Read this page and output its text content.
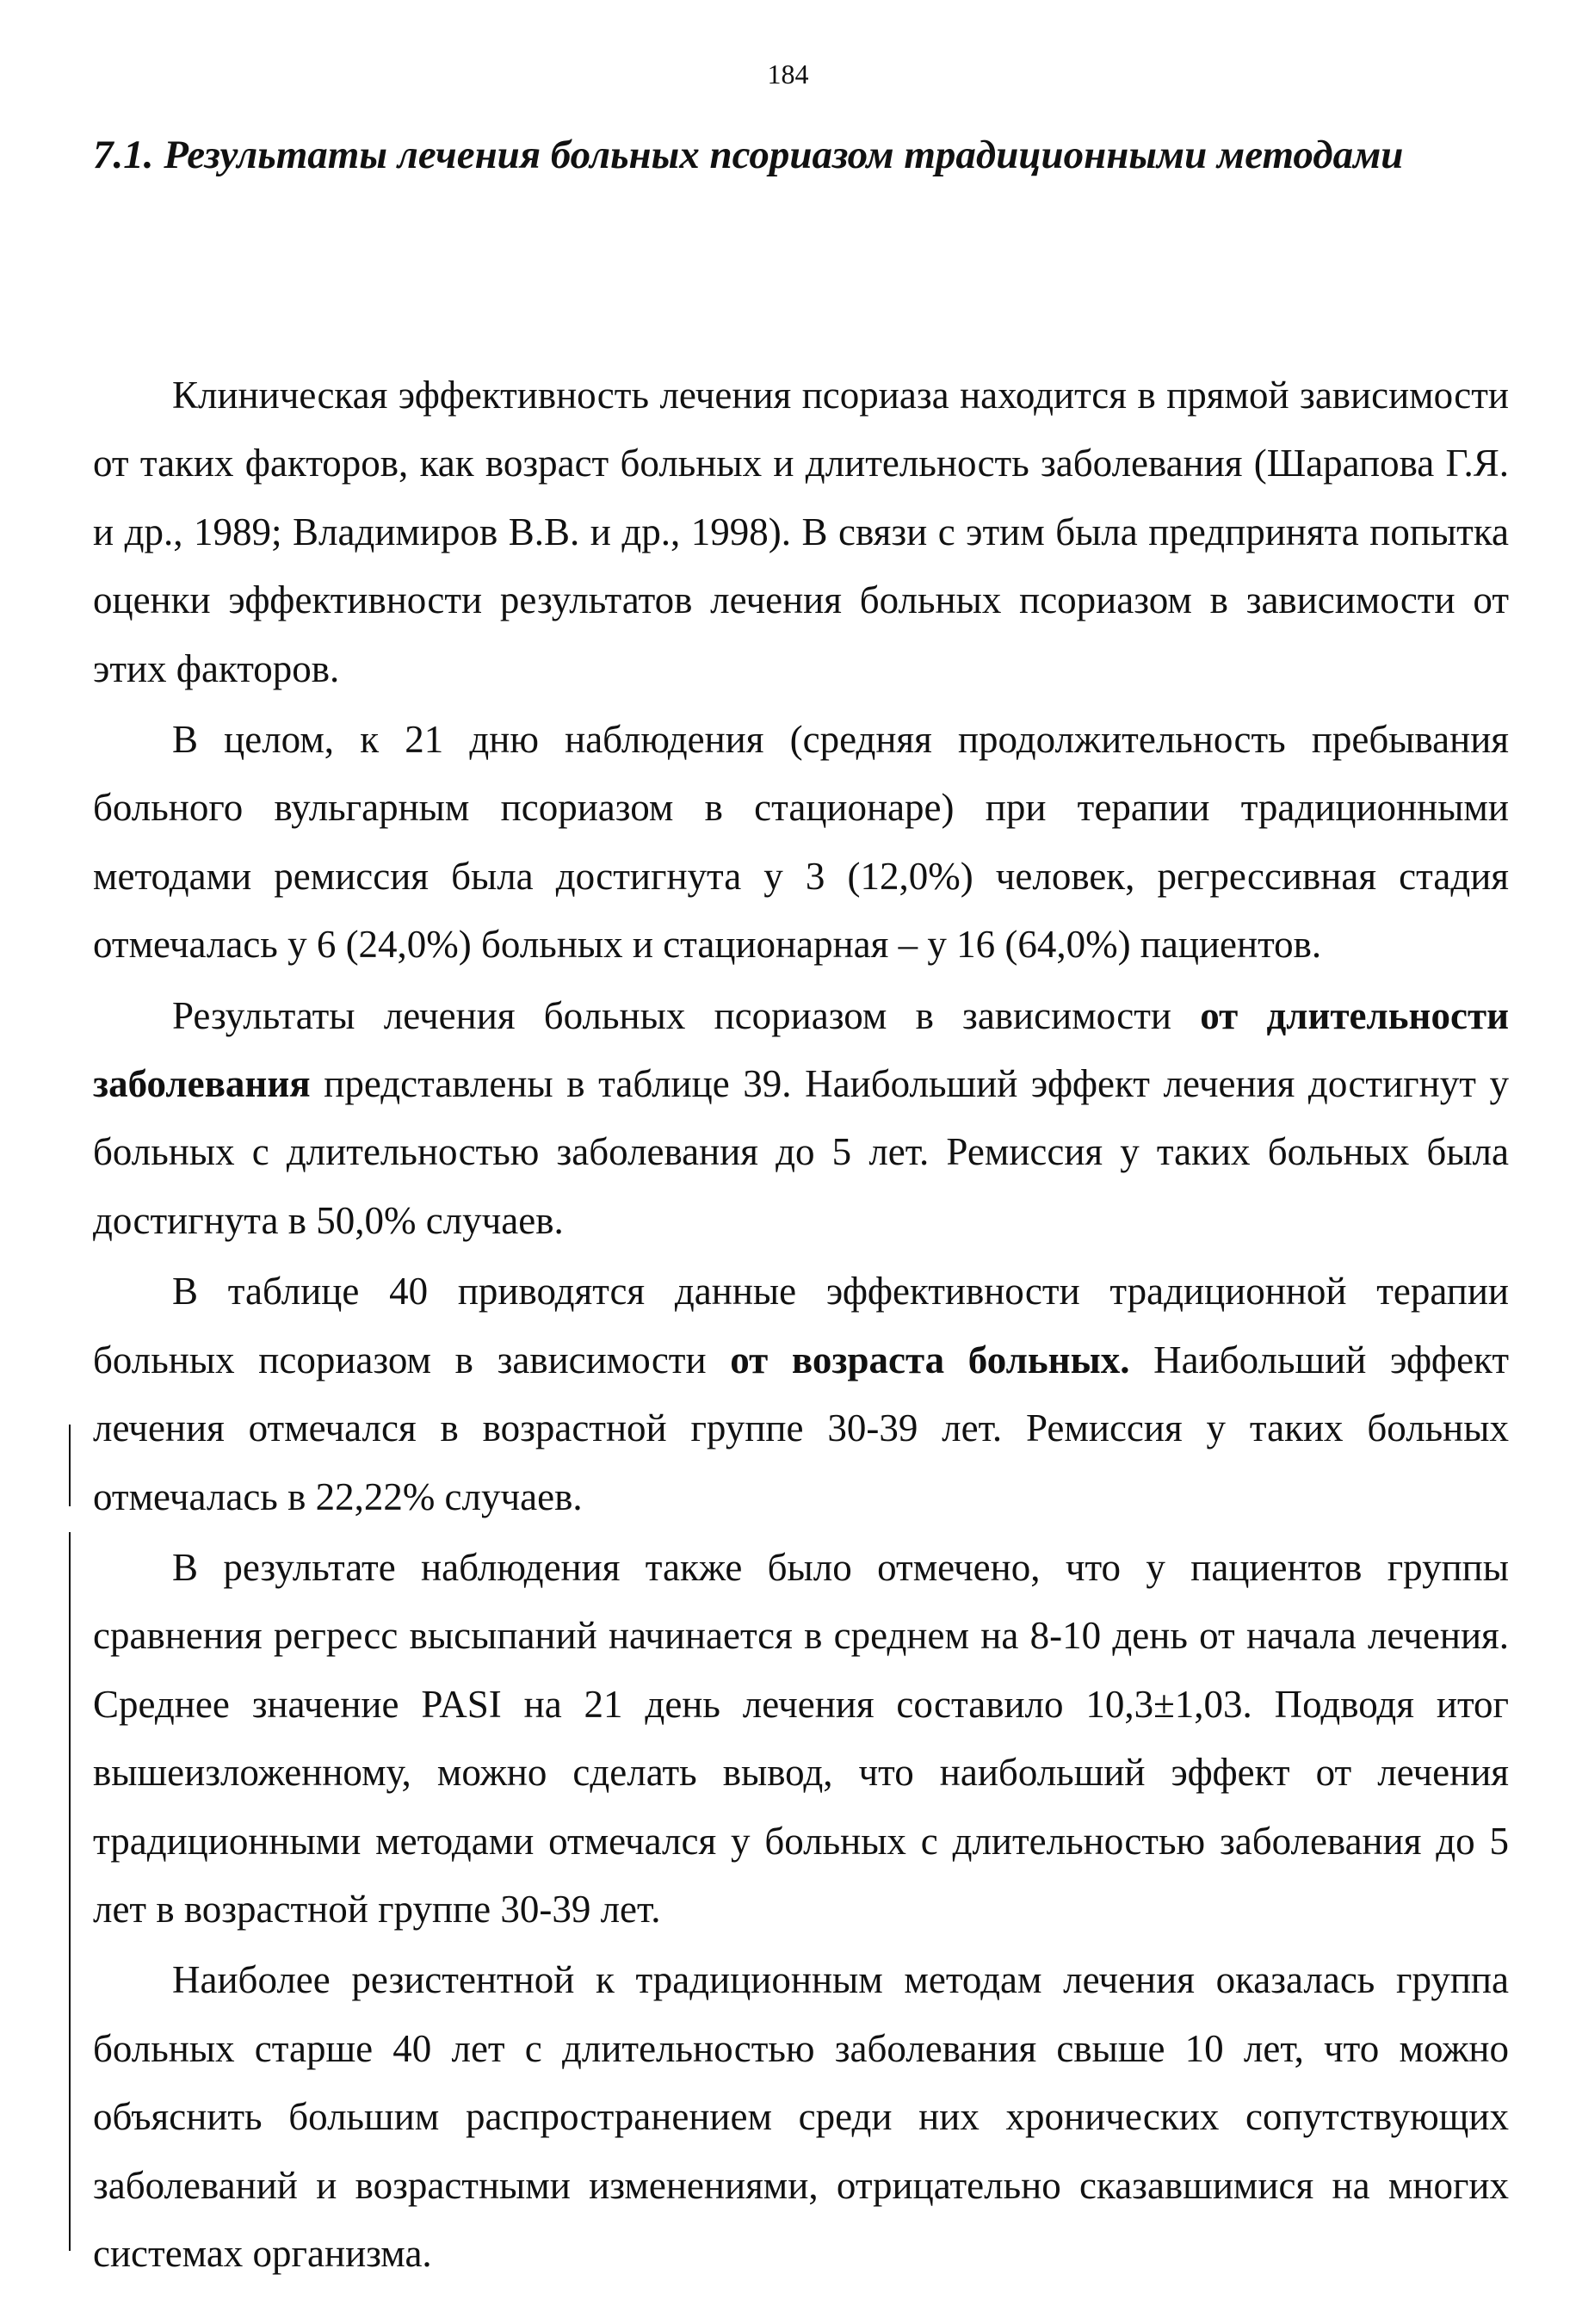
184
7.1. Результаты лечения больных псориазом традиционными методами

Клиническая эффективность лечения псориаза находится в прямой зависимости от таких факторов, как возраст больных и длительность заболевания (Шарапова Г.Я. и др., 1989; Владимиров В.В. и др., 1998). В связи с этим была предпринята попытка оценки эффективности результатов лечения больных псориазом в зависимости от этих факторов.

В целом, к 21 дню наблюдения (средняя продолжительность пребывания больного вульгарным псориазом в стационаре) при терапии традиционными методами ремиссия была достигнута у 3 (12,0%) человек, регрессивная стадия отмечалась у 6 (24,0%) больных и стационарная – у 16 (64,0%) пациентов.

Результаты лечения больных псориазом в зависимости от длительности заболевания представлены в таблице 39. Наибольший эффект лечения достигнут у больных с длительностью заболевания до 5 лет. Ремиссия у таких больных была достигнута в 50,0% случаев.

В таблице 40 приводятся данные эффективности традиционной терапии больных псориазом в зависимости от возраста больных. Наибольший эффект лечения отмечался в возрастной группе 30-39 лет. Ремиссия у таких больных отмечалась в 22,22% случаев.

В результате наблюдения также было отмечено, что у пациентов группы сравнения регресс высыпаний начинается в среднем на 8-10 день от начала лечения. Среднее значение PASI на 21 день лечения составило 10,3±1,03. Подводя итог вышеизложенному, можно сделать вывод, что наибольший эффект от лечения традиционными методами отмечался у больных с длительностью заболевания до 5 лет в возрастной группе 30-39 лет.

Наиболее резистентной к традиционным методам лечения оказалась группа больных старше 40 лет с длительностью заболевания свыше 10 лет, что можно объяснить большим распространением среди них хронических сопутствующих заболеваний и возрастными изменениями, отрицательно сказавшимися на многих системах организма.
